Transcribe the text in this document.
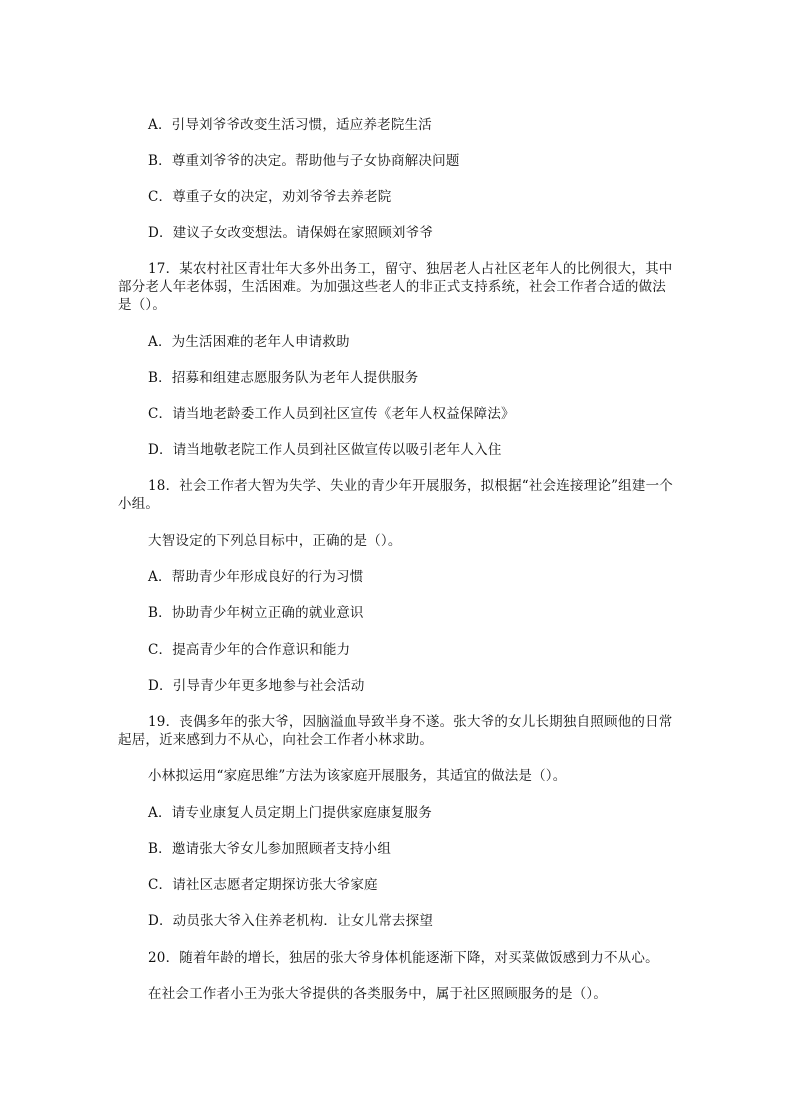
A．引导刘爷爷改变生活习惯，适应养老院生活
B．尊重刘爷爷的决定。帮助他与子女协商解决问题
C．尊重子女的决定，劝刘爷爷去养老院
D．建议子女改变想法。请保姆在家照顾刘爷爷
17．某农村社区青壮年大多外出务工，留守、独居老人占社区老年人的比例很大，其中部分老人年老体弱，生活困难。为加强这些老人的非正式支持系统，社会工作者合适的做法是（）。
A．为生活困难的老年人申请救助
B．招募和组建志愿服务队为老年人提供服务
C．请当地老龄委工作人员到社区宣传《老年人权益保障法》
D．请当地敬老院工作人员到社区做宣传以吸引老年人入住
18．社会工作者大智为失学、失业的青少年开展服务，拟根据“社会连接理论”组建一个小组。
大智设定的下列总目标中，正确的是（）。
A．帮助青少年形成良好的行为习惯
B．协助青少年树立正确的就业意识
C．提高青少年的合作意识和能力
D．引导青少年更多地参与社会活动
19．丧偶多年的张大爷，因脑溢血导致半身不遂。张大爷的女儿长期独自照顾他的日常起居，近来感到力不从心，向社会工作者小林求助。
小林拟运用“家庭思维”方法为该家庭开展服务，其适宜的做法是（）。
A．请专业康复人员定期上门提供家庭康复服务
B．邀请张大爷女儿参加照顾者支持小组
C．请社区志愿者定期探访张大爷家庭
D．动员张大爷入住养老机构．让女儿常去探望
20．随着年龄的增长，独居的张大爷身体机能逐渐下降，对买菜做饭感到力不从心。
在社会工作者小王为张大爷提供的各类服务中，属于社区照顾服务的是（）。
